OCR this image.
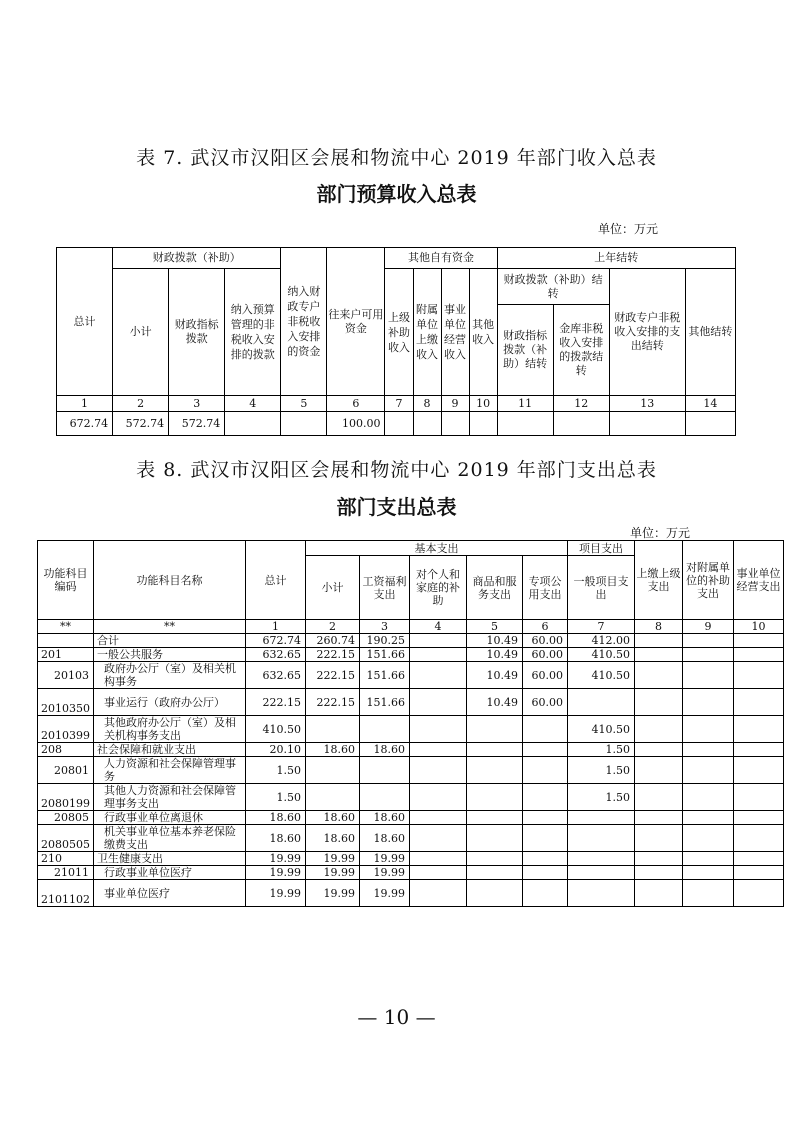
表 7. 武汉市汉阳区会展和物流中心 2019 年部门收入总表
部门预算收入总表
单位：万元
总计	财政拨款（补助）			纳入财政专户非税收入安排的资金	往来户可用资金	其他自有资金				上年结转			
	小计	财政指标拨款	纳入预算管理的非税收入安排的拨款			上级补助收入	附属单位上缴收入	事业单位经营收入	其他收入	财政拨款（补助）结转		财政专户非税收入安排的支出结转	其他结转
										财政指标拨款（补助）结转	金库非税收入安排的拨款结转		
1	2	3	4	5	6	7	8	9	10	11	12	13	14
672.74	572.74	572.74			100.00								
表 8. 武汉市汉阳区会展和物流中心 2019 年部门支出总表
部门支出总表
单位：万元
功能科目编码	功能科目名称	总计	基本支出					项目支出	上缴上级支出	对附属单位的补助支出	事业单位经营支出
			小计	工资福利支出	对个人和家庭的补助	商品和服务支出	专项公用支出	一般项目支出			
**	**	1	2	3	4	5	6	7	8	9	10
	合计	672.74	260.74	190.25		10.49	60.00	412.00			
201	一般公共服务	632.65	222.15	151.66		10.49	60.00	410.50			
20103	政府办公厅（室）及相关机构事务	632.65	222.15	151.66		10.49	60.00	410.50			
2010350	事业运行（政府办公厅）	222.15	222.15	151.66		10.49	60.00				
2010399	其他政府办公厅（室）及相关机构事务支出	410.50						410.50			
208	社会保障和就业支出	20.10	18.60	18.60				1.50			
20801	人力资源和社会保障管理事务	1.50						1.50			
2080199	其他人力资源和社会保障管理事务支出	1.50						1.50			
20805	行政事业单位离退休	18.60	18.60	18.60							
2080505	机关事业单位基本养老保险缴费支出	18.60	18.60	18.60							
210	卫生健康支出	19.99	19.99	19.99							
21011	行政事业单位医疗	19.99	19.99	19.99							
2101102	事业单位医疗	19.99	19.99	19.99							
— 10 —
